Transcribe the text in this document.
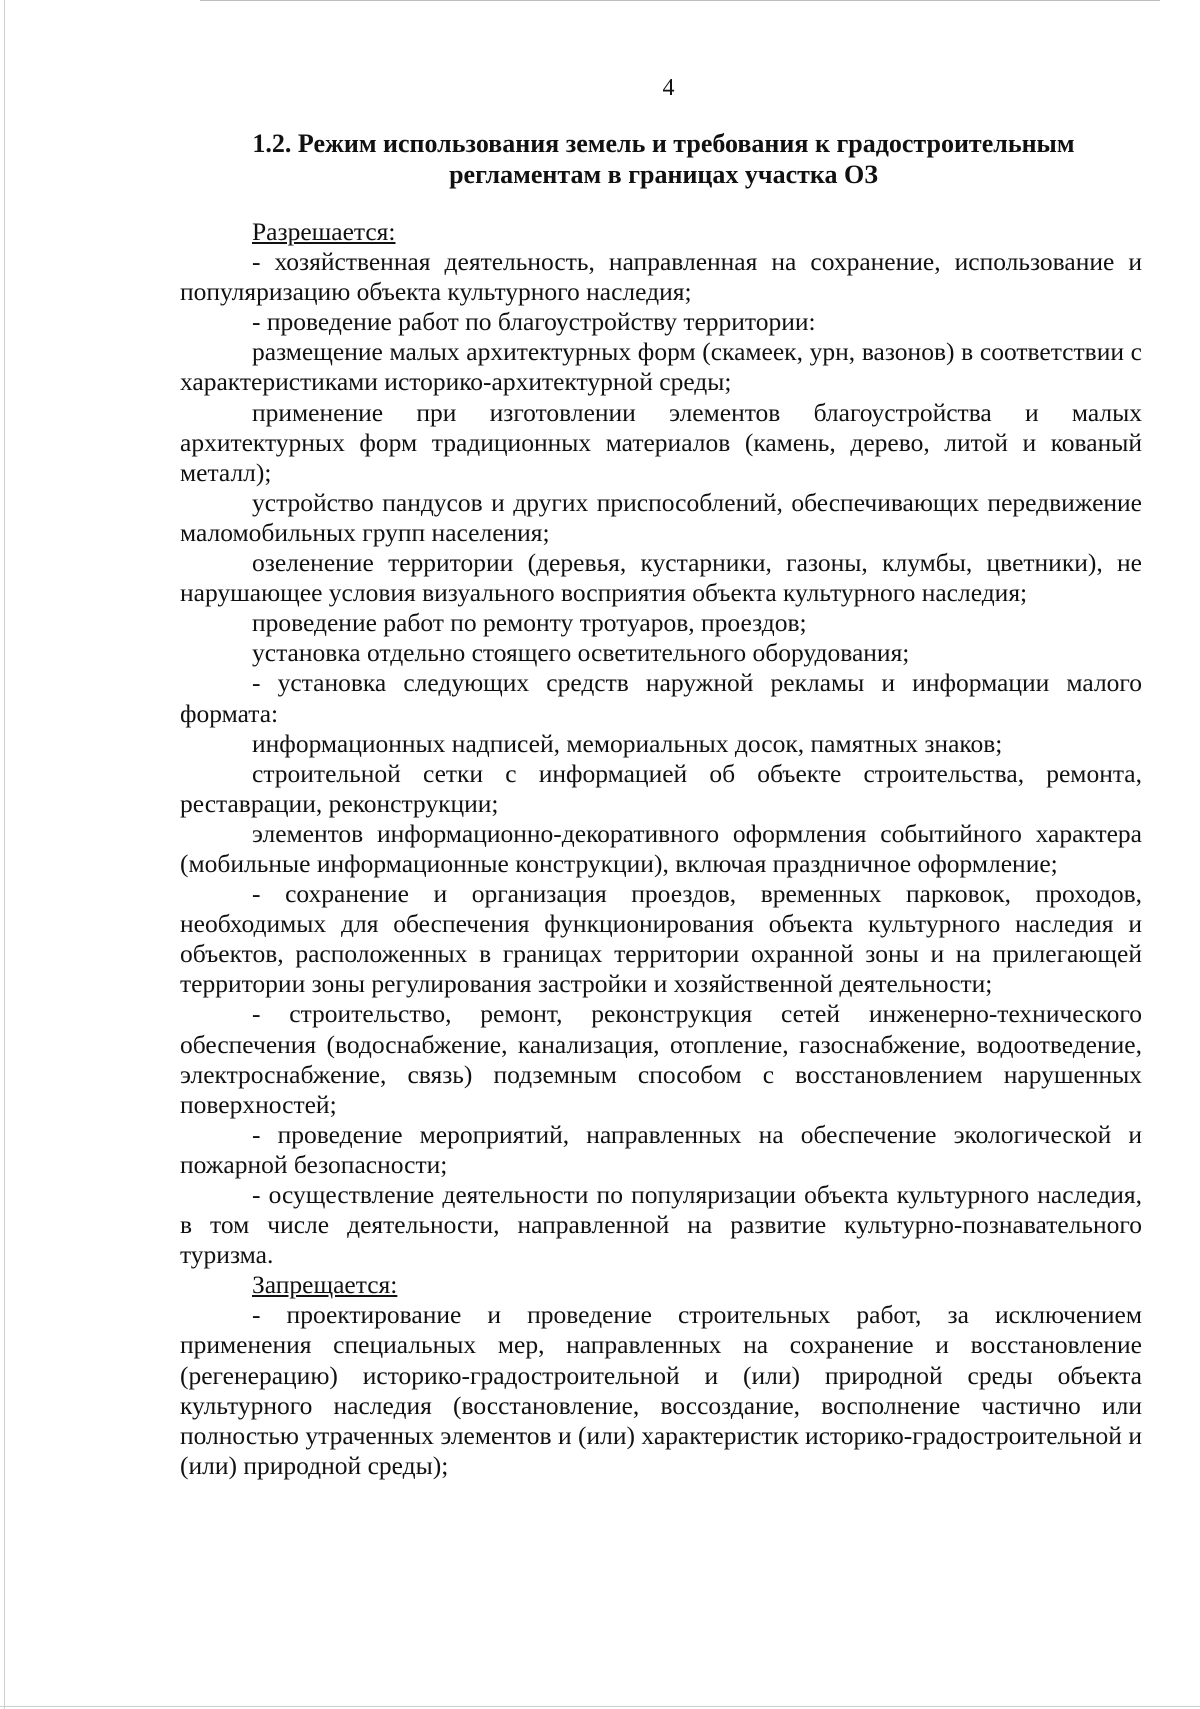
4
1.2. Режим использования земель и требования к градостроительным
регламентам в границах участка ОЗ

Разрешается:

- хозяйственная деятельность, направленная на сохранение, использование и популяризацию объекта культурного наследия;

- проведение работ по благоустройству территории:

размещение малых архитектурных форм (скамеек, урн, вазонов) в соответствии с характеристиками историко-архитектурной среды;

применение при изготовлении элементов благоустройства и малых архитектурных форм традиционных материалов (камень, дерево, литой и кованый металл);

устройство пандусов и других приспособлений, обеспечивающих передвижение маломобильных групп населения;

озеленение территории (деревья, кустарники, газоны, клумбы, цветники), не нарушающее условия визуального восприятия объекта культурного наследия;

проведение работ по ремонту тротуаров, проездов;

установка отдельно стоящего осветительного оборудования;

- установка следующих средств наружной рекламы и информации малого формата:

информационных надписей, мемориальных досок, памятных знаков;

строительной сетки с информацией об объекте строительства, ремонта, реставрации, реконструкции;

элементов информационно-декоративного оформления событийного характера (мобильные информационные конструкции), включая праздничное оформление;

- сохранение и организация проездов, временных парковок, проходов, необходимых для обеспечения функционирования объекта культурного наследия и объектов, расположенных в границах территории охранной зоны и на прилегающей территории зоны регулирования застройки и хозяйственной деятельности;

- строительство, ремонт, реконструкция сетей инженерно-технического обеспечения (водоснабжение, канализация, отопление, газоснабжение, водоотведение, электроснабжение, связь) подземным способом с восстановлением нарушенных поверхностей;

- проведение мероприятий, направленных на обеспечение экологической и пожарной безопасности;

- осуществление деятельности по популяризации объекта культурного наследия, в том числе деятельности, направленной на развитие культурно-познавательного туризма.

Запрещается:

- проектирование и проведение строительных работ, за исключением применения специальных мер, направленных на сохранение и восстановление (регенерацию) историко-градостроительной и (или) природной среды объекта культурного наследия (восстановление, воссоздание, восполнение частично или полностью утраченных элементов и (или) характеристик историко-градостроительной и (или) природной среды);
